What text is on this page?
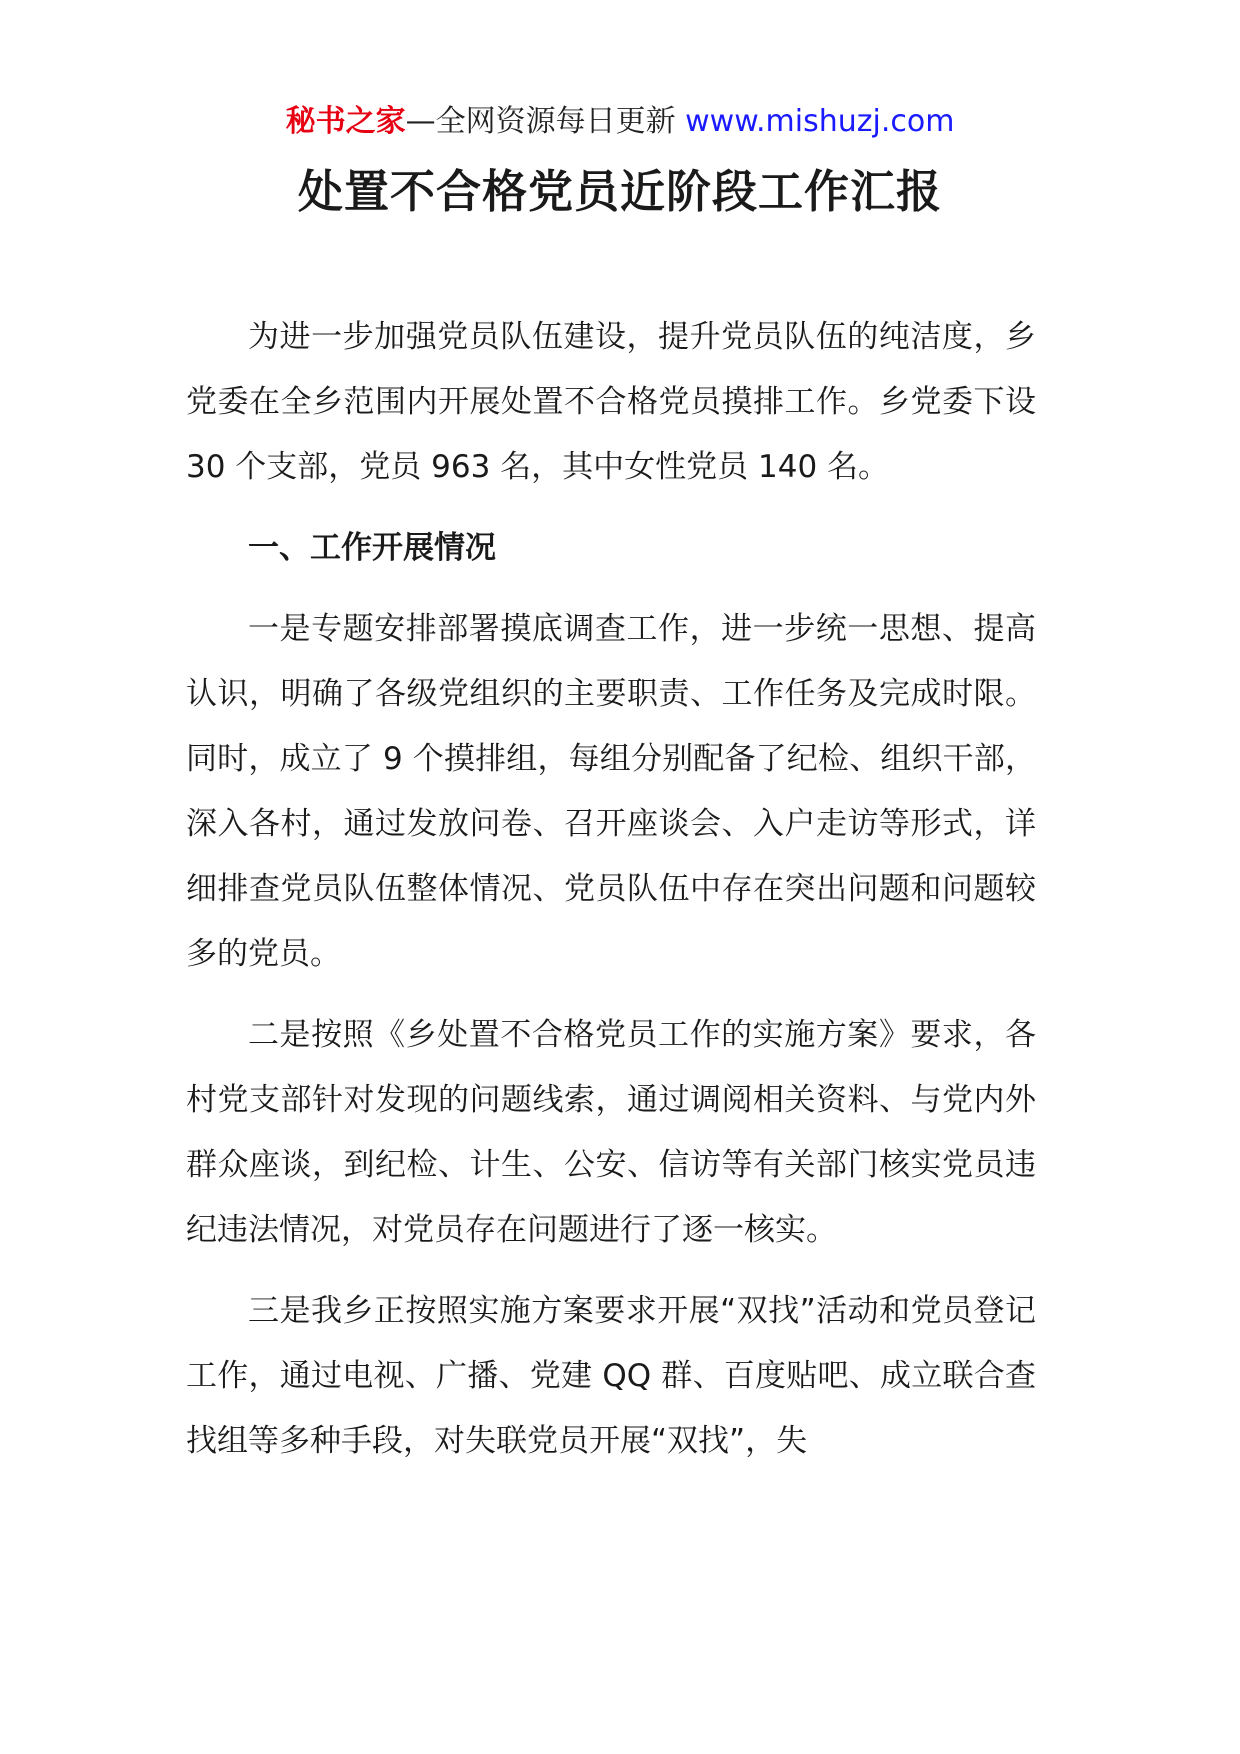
秘书之家—全网资源每日更新 www.mishuzj.com
处置不合格党员近阶段工作汇报

为进一步加强党员队伍建设，提升党员队伍的纯洁度，乡党委在全乡范围内开展处置不合格党员摸排工作。乡党委下设 30 个支部，党员 963 名，其中女性党员 140 名。

一、工作开展情况

一是专题安排部署摸底调查工作，进一步统一思想、提高认识，明确了各级党组织的主要职责、工作任务及完成时限。同时，成立了 9 个摸排组，每组分别配备了纪检、组织干部，深入各村，通过发放问卷、召开座谈会、入户走访等形式，详细排查党员队伍整体情况、党员队伍中存在突出问题和问题较多的党员。

二是按照《乡处置不合格党员工作的实施方案》要求，各村党支部针对发现的问题线索，通过调阅相关资料、与党内外群众座谈，到纪检、计生、公安、信访等有关部门核实党员违纪违法情况，对党员存在问题进行了逐一核实。

三是我乡正按照实施方案要求开展“双找”活动和党员登记工作，通过电视、广播、党建 QQ 群、百度贴吧、成立联合查找组等多种手段，对失联党员开展“双找”，失
